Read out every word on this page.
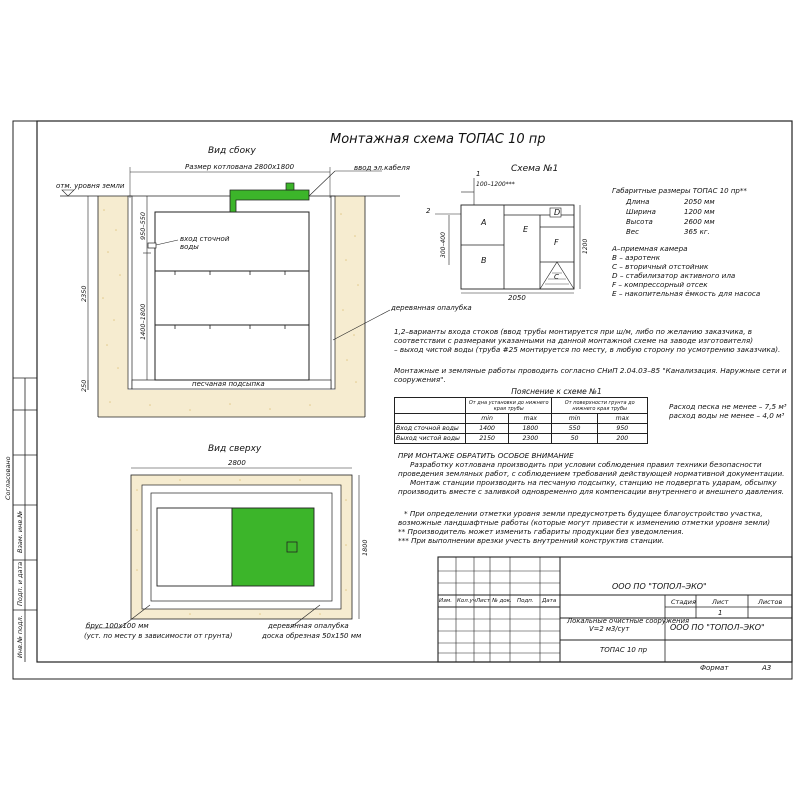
Монтажная схема ТОПАС 10 пр
Вид сбоку
Размер котлована 2800х1800
отм. уровня земли
ввод эл.кабеля
вход сточной воды
деревянная опалубка
песчаная подсыпка
2350
950–550
1400–1800
250
Схема №1
100–1200***
1
2
300–400	1200
2050
A
B
E
D
F
C
Габаритные размеры ТОПАС 10 пр**
Длина	2050 мм
Ширина	1200 мм
Высота	2600 мм
Вес	365 кг.
A–приемная камера
B – аэротенк
C – вторичный отстойник
D – стабилизатор активного ила
F – компрессорный отсек
E – накопительная ёмкость для насоса
1,2–варианты входа стоков (ввод трубы монтируется при ш/м, либо по желанию заказчика, в
соответствии с размерами указанными на данной монтажной схеме на заводе изготовителя)
– выход чистой воды (труба #25 монтируется по месту, в любую сторону по усмотрению заказчика).
Монтажные и земляные работы проводить согласно СНиП 2.04.03–85 "Канализация. Наружные сети и
сооружения".
	Пояснение к схеме №1			
	От дна установки до нижнего края трубы		От поверхности грунта до нижнего края трубы	
	min	max	min	max
Вход сточной воды	1400	1800	550	950
Выход чистой воды	2150	2300	50	200
Расход песка не менее – 7,5 м³
расход воды не менее – 4,0 м³
ПРИ МОНТАЖЕ ОБРАТИТЬ ОСОБОЕ ВНИМАНИЕ
Разработку котлована производить при условии соблюдения правил техники безопасности
проведения земляных работ, с соблюдением требований действующей нормативной документации.
Монтаж станции производить на песчаную подсыпку, станцию не подвергать ударам, обсыпку
производить вместе с заливкой одновременно для компенсации внутреннего и внешнего давления.
* При определении отметки уровня земли предусмотреть будущее благоустройство участка,
возможные ландшафтные работы (которые могут привести к изменению отметки уровня земли)
** Производитель может изменить габариты продукции без уведомления.
*** При выполнении врезки учесть внутренний конструктив станции.
Вид сверху
2800
1800
брус 100х100 мм
(уст. по месту в зависимости от грунта)
деревянная опалубка
доска обрезная 50х150 мм
ООО ПО "ТОПОЛ–ЭКО"
Изм. Кол.уч Лист № док. Подп. Дата	Стадия Лист	Листов
1
Локальные очистные сооружения
V=2 м3/сут	ООО ПО "ТОПОЛ–ЭКО"
ТОПАС 10 пр
Формат	А3
Инв.№ подл.
Подп. и дата
Взам. инв.№
Согласовано
